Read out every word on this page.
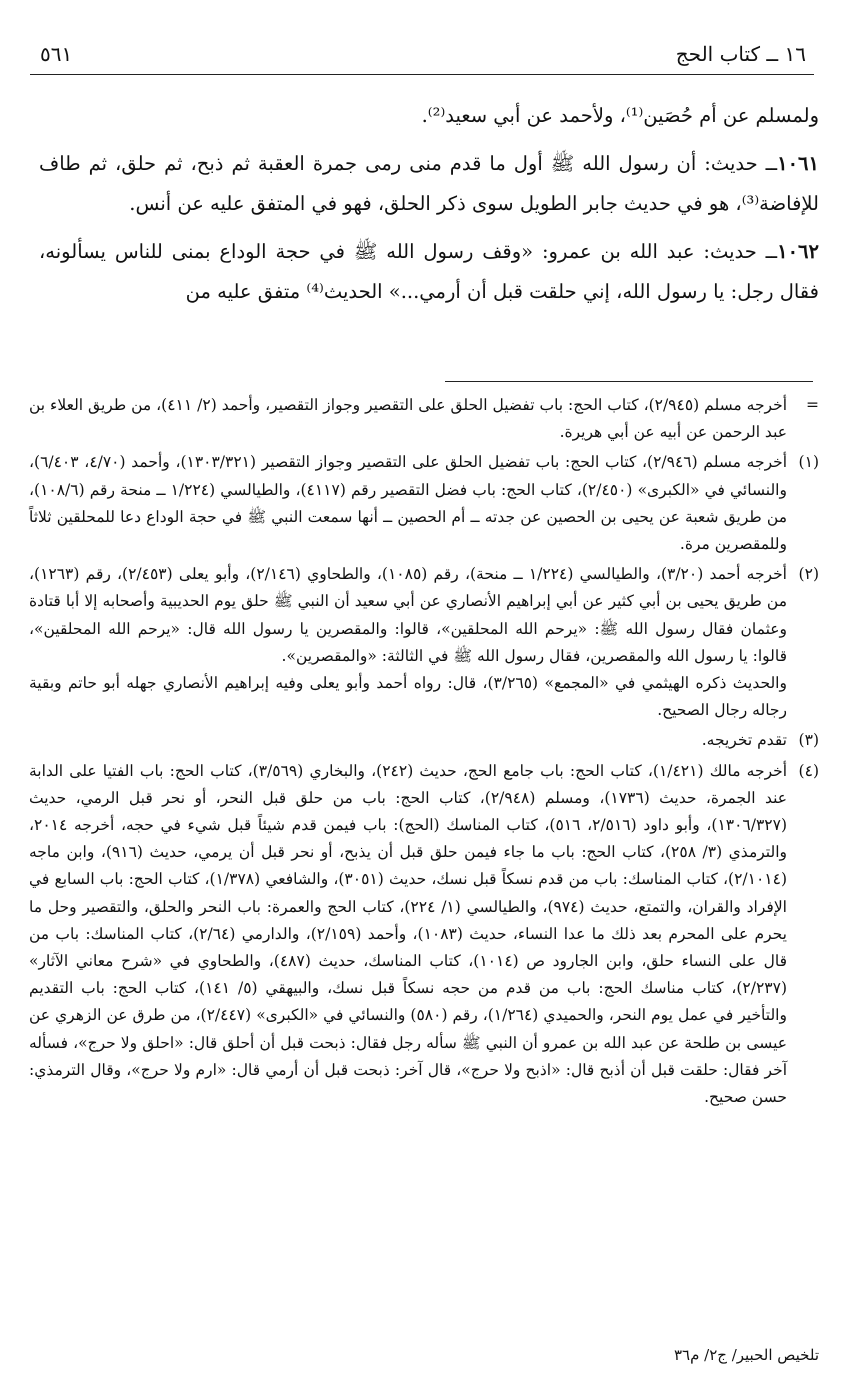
١٦ ــ كتاب الحج
٥٦١

ولمسلم عن أم حُصَين⁽¹⁾، ولأحمد عن أبي سعيد⁽²⁾.

١٠٦١ــ حديث: أن رسول الله ﷺ أول ما قدم منى رمى جمرة العقبة ثم ذبح، ثم حلق، ثم طاف للإفاضة⁽³⁾، هو في حديث جابر الطويل سوى ذكر الحلق، فهو في المتفق عليه عن أنس.

١٠٦٢ــ حديث: عبد الله بن عمرو: «وقف رسول الله ﷺ في حجة الوداع بمنى للناس يسألونه، فقال رجل: يا رسول الله، إني حلقت قبل أن أرمي...» الحديث⁽⁴⁾ متفق عليه من

=
أخرجه مسلم (٢/٩٤٥)، كتاب الحج: باب تفضيل الحلق على التقصير وجواز التقصير، وأحمد (٢/ ٤١١)، من طريق العلاء بن عبد الرحمن عن أبيه عن أبي هريرة.
(١)
أخرجه مسلم (٢/٩٤٦)، كتاب الحج: باب تفضيل الحلق على التقصير وجواز التقصير (١٣٠٣/٣٢١)، وأحمد (٤/٧٠، ٦/٤٠٣)، والنسائي في «الكبرى» (٢/٤٥٠)، كتاب الحج: باب فضل التقصير رقم (٤١١٧)، والطيالسي (١/٢٢٤ ــ منحة رقم (١٠٨/٦)، من طريق شعبة عن يحيى بن الحصين عن جدته ــ أم الحصين ــ أنها سمعت النبي ﷺ في حجة الوداع دعا للمحلقين ثلاثاً وللمقصرين مرة.
(٢)
أخرجه أحمد (٣/٢٠)، والطيالسي (١/٢٢٤ ــ منحة)، رقم (١٠٨٥)، والطحاوي (٢/١٤٦)، وأبو يعلى (٢/٤٥٣)، رقم (١٢٦٣)، من طريق يحيى بن أبي كثير عن أبي إبراهيم الأنصاري عن أبي سعيد أن النبي ﷺ حلق يوم الحديبية وأصحابه إلا أبا قتادة وعثمان فقال رسول الله ﷺ: «يرحم الله المحلقين»، قالوا: والمقصرين يا رسول الله قال: «يرحم الله المحلقين»، قالوا: يا رسول الله والمقصرين، فقال رسول الله ﷺ في الثالثة: «والمقصرين».
والحديث ذكره الهيثمي في «المجمع» (٣/٢٦٥)، قال: رواه أحمد وأبو يعلى وفيه إبراهيم الأنصاري جهله أبو حاتم وبقية رجاله رجال الصحيح.
(٣)
تقدم تخريجه.
(٤)
أخرجه مالك (١/٤٢١)، كتاب الحج: باب جامع الحج، حديث (٢٤٢)، والبخاري (٣/٥٦٩)، كتاب الحج: باب الفتيا على الدابة عند الجمرة، حديث (١٧٣٦)، ومسلم (٢/٩٤٨)، كتاب الحج: باب من حلق قبل النحر، أو نحر قبل الرمي، حديث (١٣٠٦/٣٢٧)، وأبو داود (٢/٥١٦، ٥١٦)، كتاب المناسك (الحج): باب فيمن قدم شيئاً قبل شيء في حجه، أخرجه ٢٠١٤، والترمذي (٣/ ٢٥٨)، كتاب الحج: باب ما جاء فيمن حلق قبل أن يذبح، أو نحر قبل أن يرمي، حديث (٩١٦)، وابن ماجه (٢/١٠١٤)، كتاب المناسك: باب من قدم نسكاً قبل نسك، حديث (٣٠٥١)، والشافعي (١/٣٧٨)، كتاب الحج: باب السابع في الإفراد والقران، والتمتع، حديث (٩٧٤)، والطيالسي (١/ ٢٢٤)، كتاب الحج والعمرة: باب النحر والحلق، والتقصير وحل ما يحرم على المحرم بعد ذلك ما عدا النساء، حديث (١٠٨٣)، وأحمد (٢/١٥٩)، والدارمي (٢/٦٤)، كتاب المناسك: باب من قال على النساء حلق، وابن الجارود ص (١٠١٤)، كتاب المناسك، حديث (٤٨٧)، والطحاوي في «شرح معاني الآثار» (٢/٢٣٧)، كتاب مناسك الحج: باب من قدم من حجه نسكاً قبل نسك، والبيهقي (٥/ ١٤١)، كتاب الحج: باب التقديم والتأخير في عمل يوم النحر، والحميدي (١/٢٦٤)، رقم (٥٨٠) والنسائي في «الكبرى» (٢/٤٤٧)، من طرق عن الزهري عن عيسى بن طلحة عن عبد الله بن عمرو أن النبي ﷺ سأله رجل فقال: ذبحت قبل أن أحلق قال: «احلق ولا حرج»، فسأله آخر فقال: حلقت قبل أن أذبح قال: «اذبح ولا حرج»، قال آخر: ذبحت قبل أن أرمي قال: «ارم ولا حرج»، وقال الترمذي: حسن صحيح.
تلخيص الحبير/ ج٢/ م٣٦
